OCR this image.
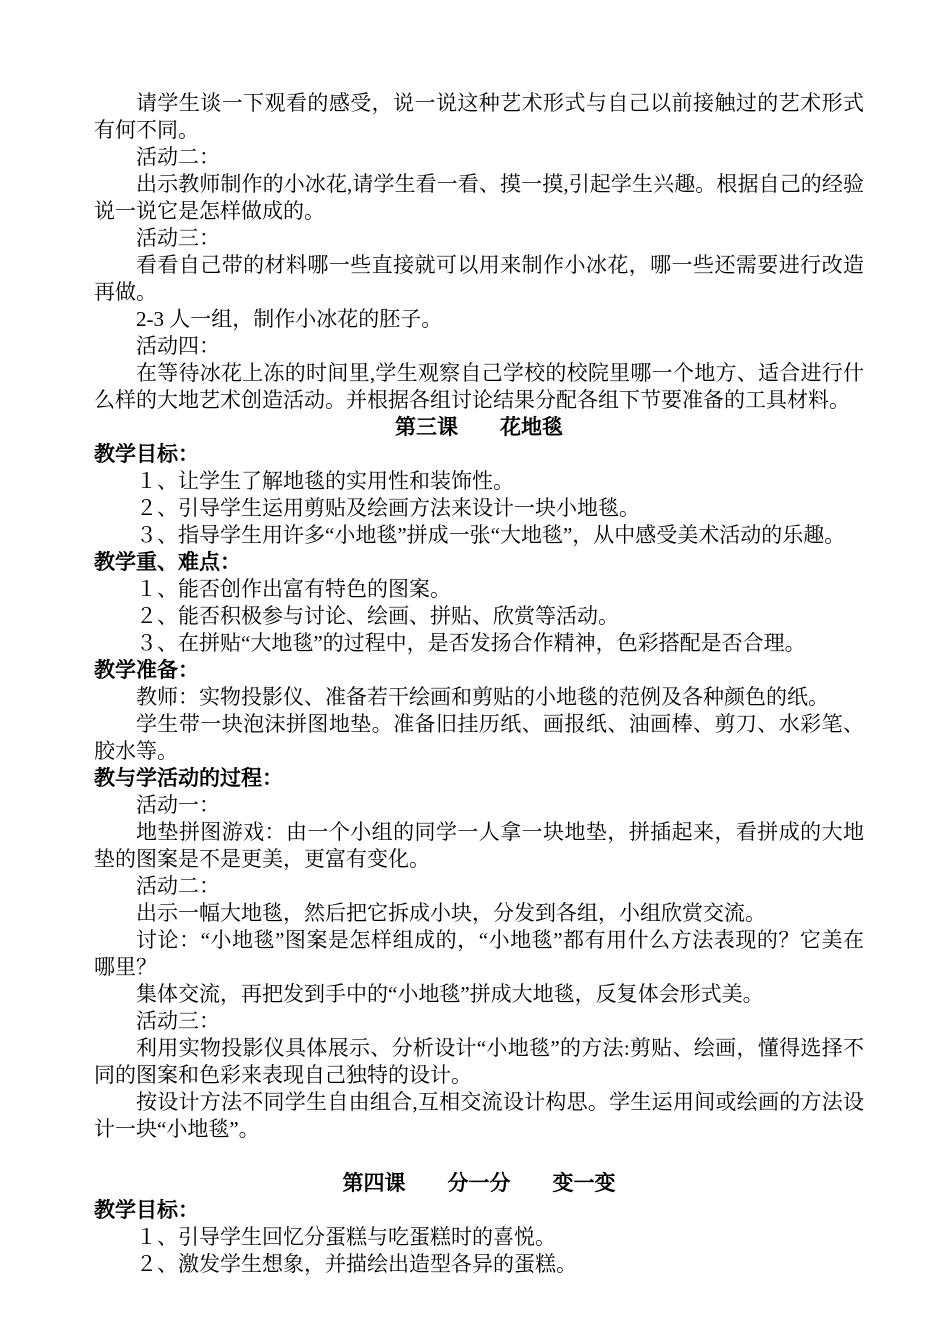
请学生谈一下观看的感受，说一说这种艺术形式与自己以前接触过的艺术形式有何不同。

活动二：

出示教师制作的小冰花,请学生看一看、摸一摸,引起学生兴趣。根据自己的经验说一说它是怎样做成的。

活动三：

看看自己带的材料哪一些直接就可以用来制作小冰花，哪一些还需要进行改造再做。

2-3 人一组，制作小冰花的胚子。

活动四：

在等待冰花上冻的时间里,学生观察自己学校的校院里哪一个地方、适合进行什么样的大地艺术创造活动。并根据各组讨论结果分配各组下节要准备的工具材料。

第三课　　花地毯

教学目标：

１、让学生了解地毯的实用性和装饰性。

２、引导学生运用剪贴及绘画方法来设计一块小地毯。

３、指导学生用许多“小地毯”拼成一张“大地毯”，从中感受美术活动的乐趣。

教学重、难点：

１、能否创作出富有特色的图案。

２、能否积极参与讨论、绘画、拼贴、欣赏等活动。

３、在拼贴“大地毯”的过程中，是否发扬合作精神，色彩搭配是否合理。

教学准备：

教师：实物投影仪、准备若干绘画和剪贴的小地毯的范例及各种颜色的纸。

学生带一块泡沫拼图地垫。准备旧挂历纸、画报纸、油画棒、剪刀、水彩笔、胶水等。

教与学活动的过程：

活动一：

地垫拼图游戏：由一个小组的同学一人拿一块地垫，拼插起来，看拼成的大地垫的图案是不是更美，更富有变化。

活动二：

出示一幅大地毯，然后把它拆成小块，分发到各组，小组欣赏交流。

讨论：“小地毯”图案是怎样组成的，“小地毯”都有用什么方法表现的？它美在哪里？

集体交流，再把发到手中的“小地毯”拼成大地毯，反复体会形式美。

活动三：

利用实物投影仪具体展示、分析设计“小地毯”的方法:剪贴、绘画，懂得选择不同的图案和色彩来表现自己独特的设计。

按设计方法不同学生自由组合,互相交流设计构思。学生运用间或绘画的方法设计一块“小地毯”。

第四课　　分一分　　变一变

教学目标：

１、引导学生回忆分蛋糕与吃蛋糕时的喜悦。

２、激发学生想象，并描绘出造型各异的蛋糕。
